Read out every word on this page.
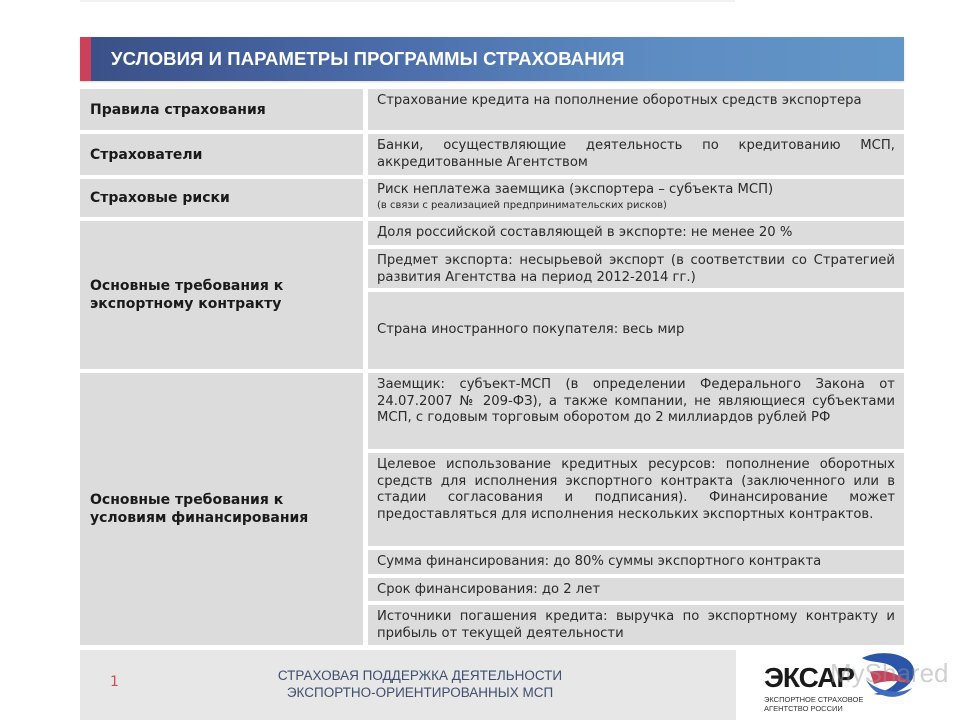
УСЛОВИЯ И ПАРАМЕТРЫ ПРОГРАММЫ СТРАХОВАНИЯ
Правила страхования
Страхование кредита на пополнение оборотных средств экспортера
Страхователи
Банки, осуществляющие деятельность по кредитованию МСП, аккредитованные Агентством
Страховые риски
Риск неплатежа заемщика (экспортера – субъекта МСП)
(в связи с реализацией предпринимательских рисков)
Основные требования к экспортному контракту
Доля российской составляющей в экспорте: не менее 20 %
Предмет экспорта: несырьевой экспорт (в соответствии со Стратегией развития Агентства на период 2012-2014 гг.)
Страна иностранного покупателя: весь мир
Основные требования к условиям финансирования
Заемщик: субъект-МСП (в определении Федерального Закона от 24.07.2007 № 209-ФЗ), а также компании, не являющиеся субъектами МСП, с годовым торговым оборотом до 2 миллиардов рублей РФ
Целевое использование кредитных ресурсов: пополнение оборотных средств для исполнения экспортного контракта (заключенного или в стадии согласования и подписания). Финансирование может предоставляться для исполнения нескольких экспортных контрактов.
Сумма финансирования: до 80% суммы экспортного контракта
Срок финансирования: до 2 лет
Источники погашения кредита: выручка по экспортному контракту и прибыль от текущей деятельности
1	СТРАХОВАЯ ПОДДЕРЖКА ДЕЯТЕЛЬНОСТИ
ЭКСПОРТНО-ОРИЕНТИРОВАННЫХ МСП	ЭКСАР
ЭКСПОРТНОЕ СТРАХОВОЕ
АГЕНТСТВО РОССИИ
MyShared
